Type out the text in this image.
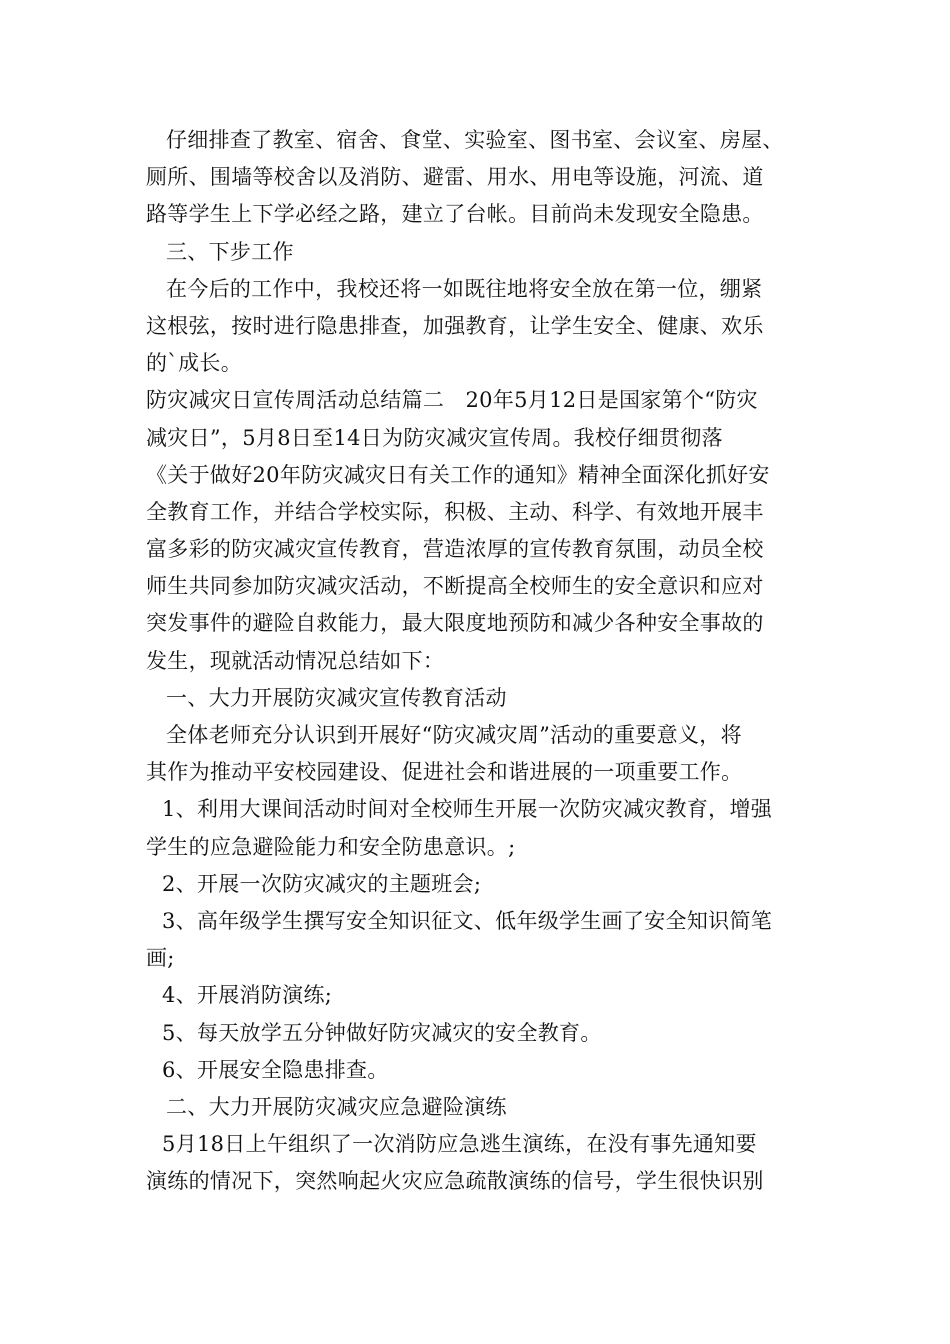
仔细排查了教室、宿舍、食堂、实验室、图书室、会议室、房屋、
厕所、围墙等校舍以及消防、避雷、用水、用电等设施，河流、道
路等学生上下学必经之路，建立了台帐。目前尚未发现安全隐患。
三、下步工作
在今后的工作中，我校还将一如既往地将安全放在第一位，绷紧
这根弦，按时进行隐患排查，加强教育，让学生安全、健康、欢乐
的`成长。
防灾减灾日宣传周活动总结篇二　20年5月12日是国家第个“防灾
减灾日”，5月8日至14日为防灾减灾宣传周。我校仔细贯彻落
《关于做好20年防灾减灾日有关工作的通知》精神全面深化抓好安
全教育工作，并结合学校实际，积极、主动、科学、有效地开展丰
富多彩的防灾减灾宣传教育，营造浓厚的宣传教育氛围，动员全校
师生共同参加防灾减灾活动，不断提高全校师生的安全意识和应对
突发事件的避险自救能力，最大限度地预防和减少各种安全事故的
发生，现就活动情况总结如下：
一、大力开展防灾减灾宣传教育活动
全体老师充分认识到开展好“防灾减灾周”活动的重要意义，将
其作为推动平安校园建设、促进社会和谐进展的一项重要工作。
1、利用大课间活动时间对全校师生开展一次防灾减灾教育，增强
学生的应急避险能力和安全防患意识。;
2、开展一次防灾减灾的主题班会;
3、高年级学生撰写安全知识征文、低年级学生画了安全知识简笔
画;
4、开展消防演练;
5、每天放学五分钟做好防灾减灾的安全教育。
6、开展安全隐患排查。
二、大力开展防灾减灾应急避险演练
5月18日上午组织了一次消防应急逃生演练，在没有事先通知要
演练的情况下，突然响起火灾应急疏散演练的信号，学生很快识别
